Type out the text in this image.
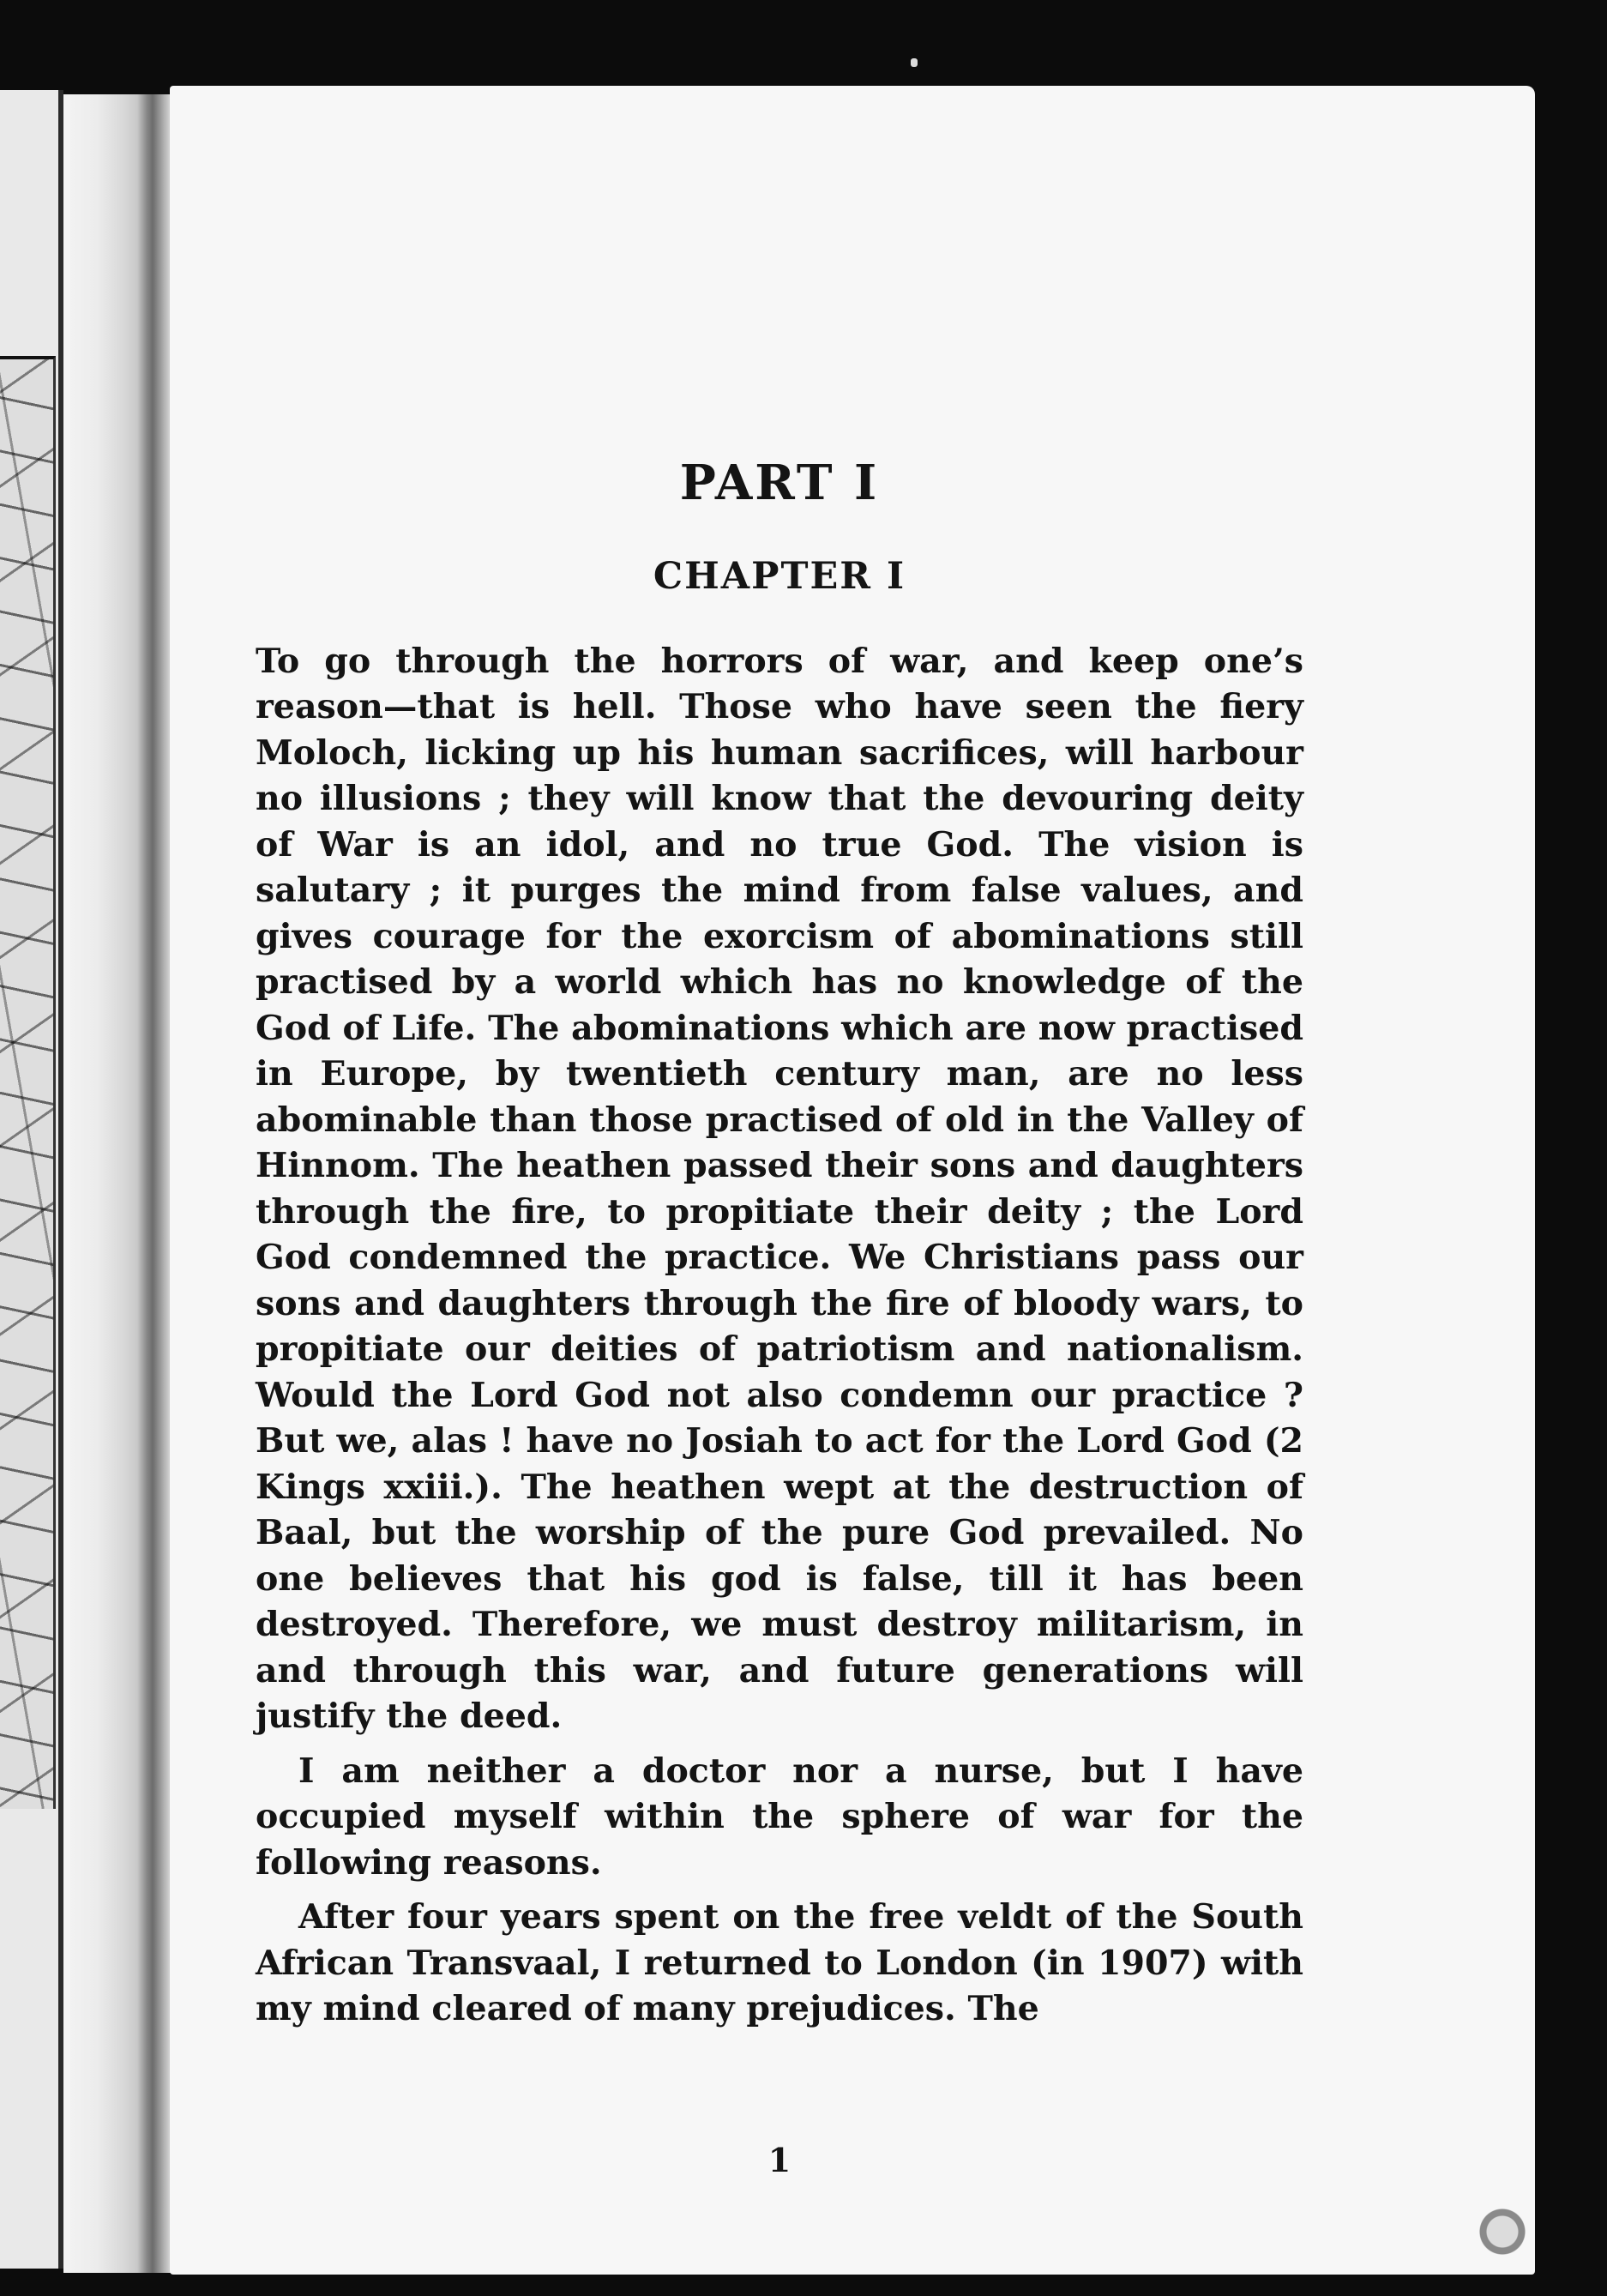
PART I
CHAPTER I

To go through the horrors of war, and keep one’s reason—that is hell. Those who have seen the fiery Moloch, licking up his human sacrifices, will harbour no illusions ; they will know that the devouring deity of War is an idol, and no true God. The vision is salutary ; it purges the mind from false values, and gives courage for the exorcism of abominations still practised by a world which has no knowledge of the God of Life. The abominations which are now practised in Europe, by twentieth century man, are no less abominable than those practised of old in the Valley of Hinnom. The heathen passed their sons and daughters through the fire, to propitiate their deity ; the Lord God condemned the practice. We Christians pass our sons and daughters through the fire of bloody wars, to propitiate our deities of patriotism and nationalism. Would the Lord God not also condemn our practice ? But we, alas ! have no Josiah to act for the Lord God (2 Kings xxiii.). The heathen wept at the destruction of Baal, but the worship of the pure God prevailed. No one believes that his god is false, till it has been destroyed. Therefore, we must destroy militarism, in and through this war, and future generations will justify the deed.

I am neither a doctor nor a nurse, but I have occupied myself within the sphere of war for the following reasons.

After four years spent on the free veldt of the South African Transvaal, I returned to London (in 1907) with my mind cleared of many prejudices. The

1
